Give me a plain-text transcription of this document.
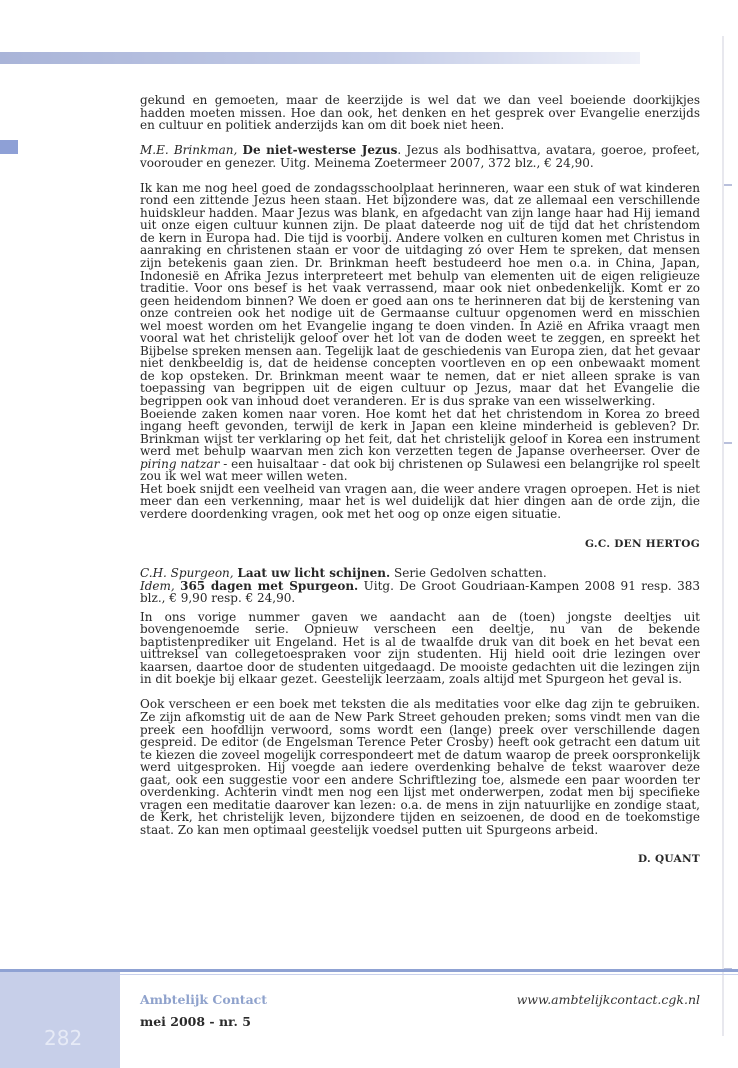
gekund en gemoeten, maar de keerzijde is wel dat we dan veel boeiende doorkijkjes hadden moeten missen. Hoe dan ook, het denken en het gesprek over Evangelie enerzijds en cultuur en politiek anderzijds kan om dit boek niet heen.

M.E. Brinkman, De niet-westerse Jezus. Jezus als bodhisattva, avatara, goeroe, profeet, voorouder en genezer. Uitg. Meinema Zoetermeer 2007, 372 blz., € 24,90.

Ik kan me nog heel goed de zondagsschoolplaat herinneren, waar een stuk of wat kinderen rond een zittende Jezus heen staan. Het bijzondere was, dat ze allemaal een verschillende huidskleur hadden. Maar Jezus was blank, en afgedacht van zijn lange haar had Hij iemand uit onze eigen cultuur kunnen zijn. De plaat dateerde nog uit de tijd dat het christendom de kern in Europa had. Die tijd is voorbij. Andere volken en culturen komen met Christus in aanraking en christenen staan er voor de uitdaging zó over Hem te spreken, dat mensen zijn betekenis gaan zien. Dr. Brinkman heeft bestudeerd hoe men o.a. in China, Japan, Indonesië en Afrika Jezus interpreteert met behulp van elementen uit de eigen religieuze traditie. Voor ons besef is het vaak verrassend, maar ook niet onbedenkelijk. Komt er zo geen heidendom binnen? We doen er goed aan ons te herinneren dat bij de kerstening van onze contreien ook het nodige uit de Germaanse cultuur opgenomen werd en misschien wel moest worden om het Evangelie ingang te doen vinden. In Azië en Afrika vraagt men vooral wat het christelijk geloof over het lot van de doden weet te zeggen, en spreekt het Bijbelse spreken mensen aan. Tegelijk laat de geschiedenis van Europa zien, dat het gevaar niet denkbeeldig is, dat de heidense concepten voortleven en op een onbewaakt moment de kop opsteken. Dr. Brinkman meent waar te nemen, dat er niet alleen sprake is van toepassing van begrippen uit de eigen cultuur op Jezus, maar dat het Evangelie die begrippen ook van inhoud doet veranderen. Er is dus sprake van een wisselwerking.

Boeiende zaken komen naar voren. Hoe komt het dat het christendom in Korea zo breed ingang heeft gevonden, terwijl de kerk in Japan een kleine minderheid is gebleven? Dr. Brinkman wijst ter verklaring op het feit, dat het christelijk geloof in Korea een instrument werd met behulp waarvan men zich kon verzetten tegen de Japanse overheerser. Over de piring natzar - een huisaltaar - dat ook bij christenen op Sulawesi een belangrijke rol speelt zou ik wel wat meer willen weten.

Het boek snijdt een veelheid van vragen aan, die weer andere vragen oproepen. Het is niet meer dan een verkenning, maar het is wel duidelijk dat hier dingen aan de orde zijn, die verdere doordenking vragen, ook met het oog op onze eigen situatie.

G.C. DEN HERTOG

C.H. Spurgeon, Laat uw licht schijnen. Serie Gedolven schatten.

Idem, 365 dagen met Spurgeon. Uitg. De Groot Goudriaan-Kampen 2008 91 resp. 383 blz., € 9,90 resp. € 24,90.

In ons vorige nummer gaven we aandacht aan de (toen) jongste deeltjes uit bovengenoemde serie. Opnieuw verscheen een deeltje, nu van de bekende baptistenprediker uit Engeland. Het is al de twaalfde druk van dit boek en het bevat een uittreksel van collegetoespraken voor zijn studenten. Hij hield ooit drie lezingen over kaarsen, daartoe door de studenten uitgedaagd. De mooiste gedachten uit die lezingen zijn in dit boekje bij elkaar gezet. Geestelijk leerzaam, zoals altijd met Spurgeon het geval is.

Ook verscheen er een boek met teksten die als meditaties voor elke dag zijn te gebruiken. Ze zijn afkomstig uit de aan de New Park Street gehouden preken; soms vindt men van die preek een hoofdlijn verwoord, soms wordt een (lange) preek over verschillende dagen gespreid. De editor (de Engelsman Terence Peter Crosby) heeft ook getracht een datum uit te kiezen die zoveel mogelijk correspondeert met de datum waarop de preek oorspronkelijk werd uitgesproken. Hij voegde aan iedere overdenking behalve de tekst waarover deze gaat, ook een suggestie voor een andere Schriftlezing toe, alsmede een paar woorden ter overdenking. Achterin vindt men nog een lijst met onderwerpen, zodat men bij specifieke vragen een meditatie daarover kan lezen: o.a. de mens in zijn natuurlijke en zondige staat, de Kerk, het christelijk leven, bijzondere tijden en seizoenen, de dood en de toekomstige staat. Zo kan men optimaal geestelijk voedsel putten uit Spurgeons arbeid.

D. QUANT

282
Ambtelijk Contact
mei 2008 - nr. 5
www.ambtelijkcontact.cgk.nl
